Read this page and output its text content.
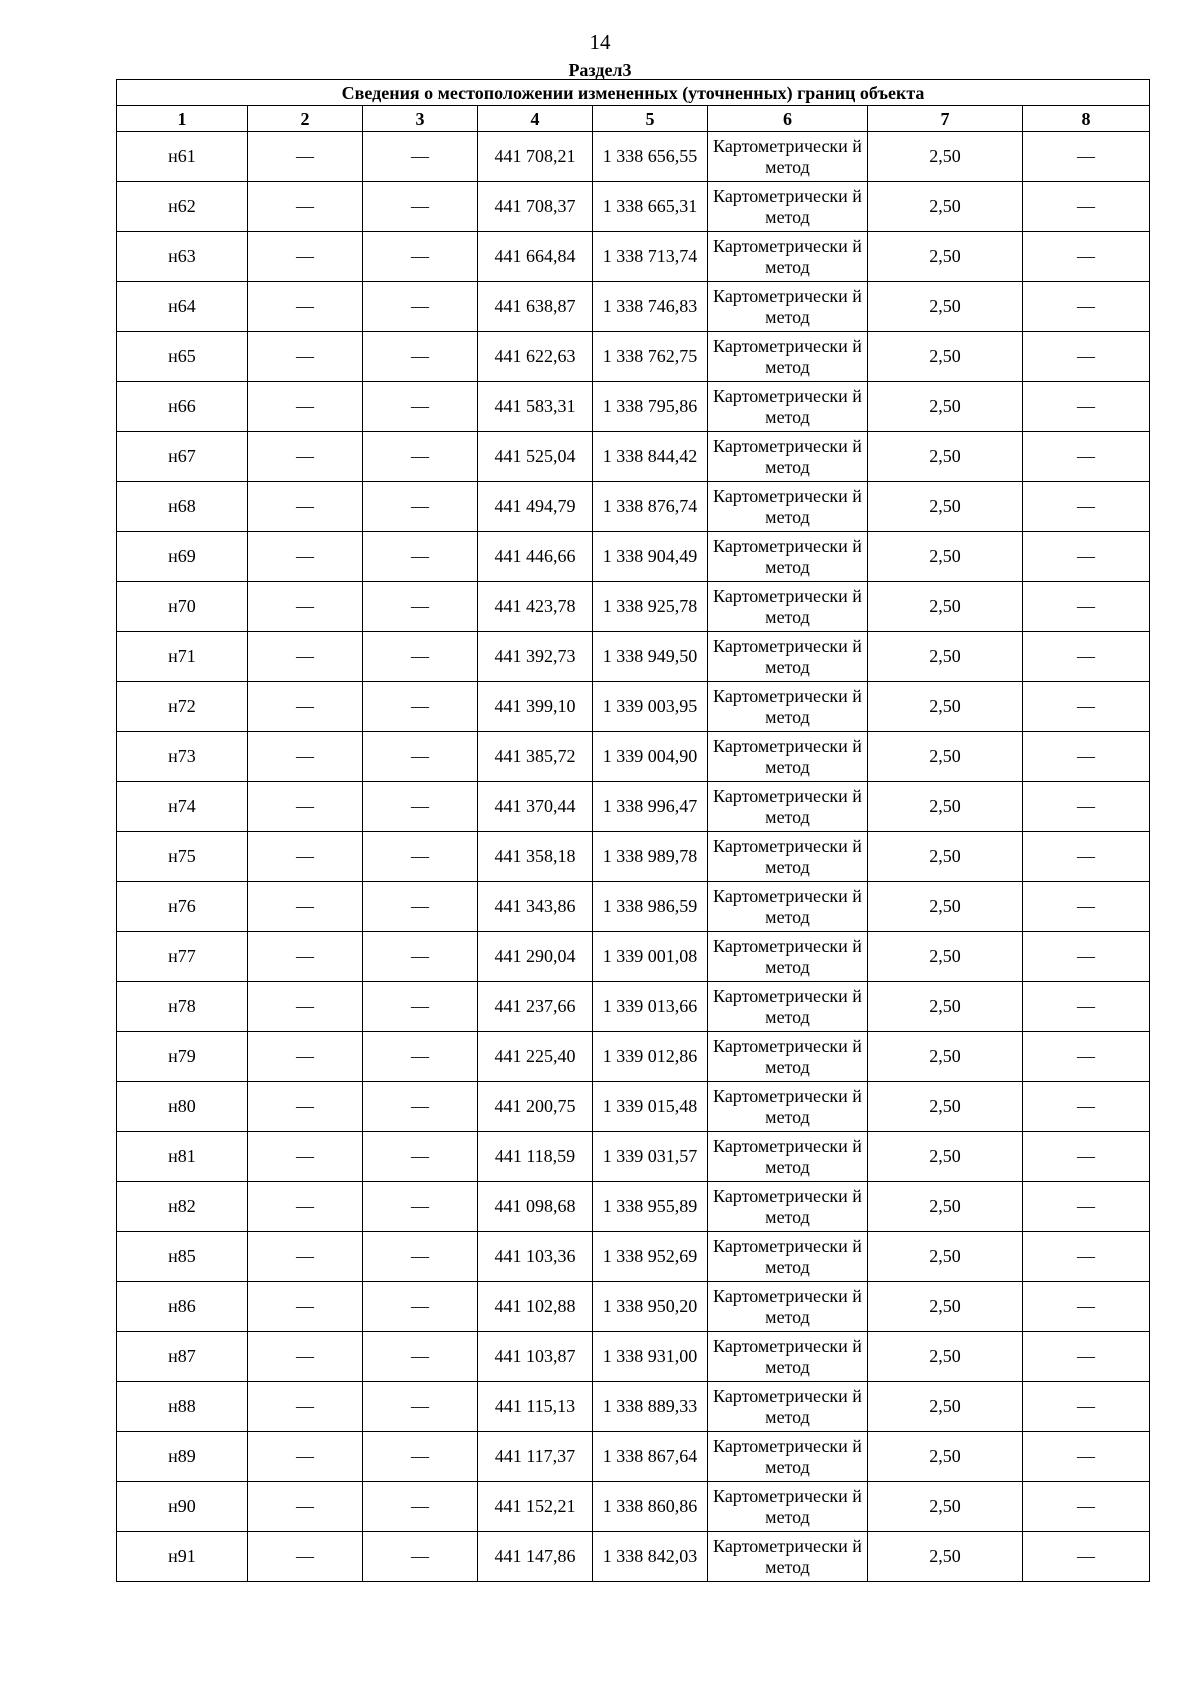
14
Раздел3
Сведения о местоположении измененных (уточненных) границ объекта							
1	2	3	4	5	6	7	8
н61	—	—	441 708,21	1 338 656,55	Картометрически й метод	2,50	—
н62	—	—	441 708,37	1 338 665,31	Картометрически й метод	2,50	—
н63	—	—	441 664,84	1 338 713,74	Картометрически й метод	2,50	—
н64	—	—	441 638,87	1 338 746,83	Картометрически й метод	2,50	—
н65	—	—	441 622,63	1 338 762,75	Картометрически й метод	2,50	—
н66	—	—	441 583,31	1 338 795,86	Картометрически й метод	2,50	—
н67	—	—	441 525,04	1 338 844,42	Картометрически й метод	2,50	—
н68	—	—	441 494,79	1 338 876,74	Картометрически й метод	2,50	—
н69	—	—	441 446,66	1 338 904,49	Картометрически й метод	2,50	—
н70	—	—	441 423,78	1 338 925,78	Картометрически й метод	2,50	—
н71	—	—	441 392,73	1 338 949,50	Картометрически й метод	2,50	—
н72	—	—	441 399,10	1 339 003,95	Картометрически й метод	2,50	—
н73	—	—	441 385,72	1 339 004,90	Картометрически й метод	2,50	—
н74	—	—	441 370,44	1 338 996,47	Картометрически й метод	2,50	—
н75	—	—	441 358,18	1 338 989,78	Картометрически й метод	2,50	—
н76	—	—	441 343,86	1 338 986,59	Картометрически й метод	2,50	—
н77	—	—	441 290,04	1 339 001,08	Картометрически й метод	2,50	—
н78	—	—	441 237,66	1 339 013,66	Картометрически й метод	2,50	—
н79	—	—	441 225,40	1 339 012,86	Картометрически й метод	2,50	—
н80	—	—	441 200,75	1 339 015,48	Картометрически й метод	2,50	—
н81	—	—	441 118,59	1 339 031,57	Картометрически й метод	2,50	—
н82	—	—	441 098,68	1 338 955,89	Картометрически й метод	2,50	—
н85	—	—	441 103,36	1 338 952,69	Картометрически й метод	2,50	—
н86	—	—	441 102,88	1 338 950,20	Картометрически й метод	2,50	—
н87	—	—	441 103,87	1 338 931,00	Картометрически й метод	2,50	—
н88	—	—	441 115,13	1 338 889,33	Картометрически й метод	2,50	—
н89	—	—	441 117,37	1 338 867,64	Картометрически й метод	2,50	—
н90	—	—	441 152,21	1 338 860,86	Картометрически й метод	2,50	—
н91	—	—	441 147,86	1 338 842,03	Картометрически й метод	2,50	—
